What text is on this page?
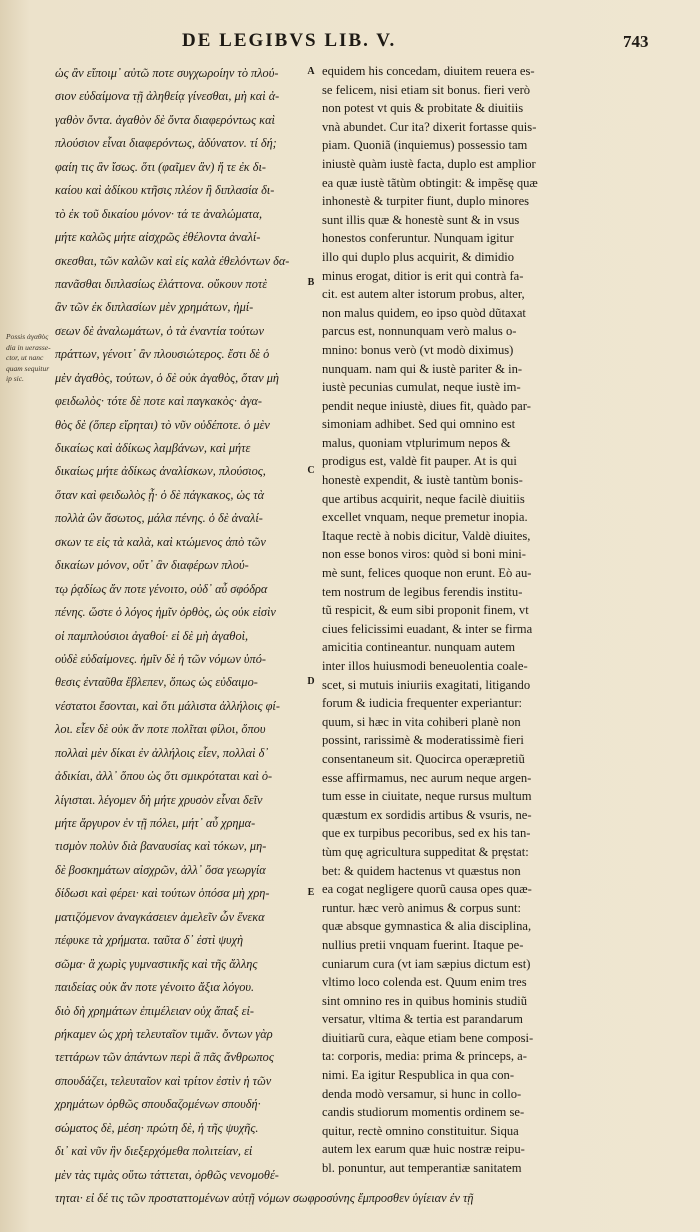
DE LEGIBVS LIB. V.	743
Possis ἀγαθὸς
dia in uerasse-
ctor, ut nanc
quam sequitur
ip sic.
ὡς ἂν εἴποιμ᾽ αὐτῶ ποτε συγχωροίην τὸ πλού-
σιον εὐδαίμονα τῇ ἀληθείᾳ γίνεσθαι, μὴ καὶ ἀ-
γαθὸν ὄντα. ἀγαθὸν δὲ ὄντα διαφερόντως καὶ
πλούσιον εἶναι διαφερόντως, ἀδύνατον. τί δή;
φαίη τις ἂν ἴσως. ὅτι (φαῖμεν ἂν) ἥ τε ἐκ δι-
καίου καὶ ἀδίκου κτῆσις πλέον ἢ διπλασία δι-
τὸ ἐκ τοῦ δικαίου μόνον· τά τε ἀναλώματα,
μήτε καλῶς μήτε αἰσχρῶς ἐθέλοντα ἀναλί-
σκεσθαι, τῶν καλῶν καὶ εἰς καλὰ ἐθελόντων δα-
πανᾶσθαι διπλασίως ἐλάττονα. οὔκουν ποτὲ
ἂν τῶν ἐκ διπλασίων μὲν χρημάτων, ἡμί-
σεων δὲ ἀναλωμάτων, ὁ τὰ ἐναντία τούτων
πράττων, γένοιτ᾽ ἂν πλουσιώτερος. ἔστι δὲ ὁ
μὲν ἀγαθὸς, τούτων, ὁ δὲ οὐκ ἀγαθὸς, ὅταν μὴ
φειδωλὸς· τότε δὲ ποτε καὶ παγκακὸς· ἀγα-
θὸς δὲ (ὅπερ εἴρηται) τὸ νῦν οὐδέποτε. ὁ μὲν
δικαίως καὶ ἀδίκως λαμβάνων, καὶ μήτε
δικαίως μήτε ἀδίκως ἀναλίσκων, πλούσιος,
ὅταν καὶ φειδωλὸς ᾖ· ὁ δὲ πάγκακος, ὡς τὰ
πολλὰ ὢν ἄσωτος, μάλα πένης. ὁ δὲ ἀναλί-
σκων τε εἰς τὰ καλὰ, καὶ κτώμενος ἀπὸ τῶν
δικαίων μόνον, οὔτ᾽ ἂν διαφέρων πλού-
τῳ ῥᾳδίως ἄν ποτε γένοιτο, οὐδ᾽ αὖ σφόδρα
πένης. ὥστε ὁ λόγος ἡμῖν ὀρθὸς, ὡς οὐκ εἰσὶν
οἱ παμπλούσιοι ἀγαθοί· εἰ δὲ μὴ ἀγαθοὶ,
οὐδὲ εὐδαίμονες. ἡμῖν δὲ ἡ τῶν νόμων ὑπό-
θεσις ἐνταῦθα ἔβλεπεν, ὅπως ὡς εὐδαιμο-
νέστατοι ἔσονται, καὶ ὅτι μάλιστα ἀλλήλοις φί-
λοι. εἶεν δὲ οὐκ ἄν ποτε πολῖται φίλοι, ὅπου
πολλαὶ μὲν δίκαι ἐν ἀλλήλοις εἶεν, πολλαὶ δ᾽
ἀδικίαι, ἀλλ᾽ ὅπου ὡς ὅτι σμικρόταται καὶ ὀ-
λίγισται. λέγομεν δὴ μήτε χρυσὸν εἶναι δεῖν
μήτε ἄργυρον ἐν τῇ πόλει, μήτ᾽ αὖ χρημα-
τισμὸν πολὺν διὰ βαναυσίας καὶ τόκων, μη-
δὲ βοσκημάτων αἰσχρῶν, ἀλλ᾽ ὅσα γεωργία
δίδωσι καὶ φέρει· καὶ τούτων ὁπόσα μὴ χρη-
ματιζόμενον ἀναγκάσειεν ἀμελεῖν ὧν ἕνεκα
πέφυκε τὰ χρήματα. ταῦτα δ᾽ ἐστὶ ψυχὴ
σῶμα· ἃ χωρὶς γυμναστικῆς καὶ τῆς ἄλλης
παιδείας οὐκ ἄν ποτε γένοιτο ἄξια λόγου.
διὸ δὴ χρημάτων ἐπιμέλειαν οὐχ ἅπαξ εἰ-
ρήκαμεν ὡς χρὴ τελευταῖον τιμᾶν. ὄντων γὰρ
τεττάρων τῶν ἁπάντων περὶ ἃ πᾶς ἄνθρωπος
σπουδάζει, τελευταῖον καὶ τρίτον ἐστὶν ἡ τῶν
χρημάτων ὀρθῶς σπουδαζομένων σπουδή·
σώματος δὲ, μέση· πρώτη δὲ, ἡ τῆς ψυχῆς.
δι᾽ καὶ νῦν ἣν διεξερχόμεθα πολιτείαν, εἰ
μὲν τὰς τιμὰς οὕτω τάττεται, ὀρθῶς νενομοθέ-
τηται· εἰ δέ τις τῶν προσταττομένων αὐτῇ νόμων σωφροσύνης ἔμπροσθεν ὑγίειαν ἐν τῇ
A
B
C
D
E
equidem his concedam, diuitem reuera es-
se felicem, nisi etiam sit bonus. fieri verò
non potest vt quis & probitate & diuitiis
vnà abundet. Cur ita? dixerit fortasse quis-
piam. Quoniã (inquiemus) possessio tam
iniustè quàm iustè facta, duplo est amplior
ea quæ iustè tãtùm obtingit: & impẽsę quæ
inhonestè & turpiter fiunt, duplo minores
sunt illis quæ & honestè sunt & in vsus
honestos conferuntur. Nunquam igitur
illo qui duplo plus acquirit, & dimidio
minus erogat, ditior is erit qui contrà fa-
cit. est autem alter istorum probus, alter,
non malus quidem, eo ipso quòd dũtaxat
parcus est, nonnunquam verò malus o-
mnino: bonus verò (vt modò diximus)
nunquam. nam qui & iustè pariter & in-
iustè pecunias cumulat, neque iustè im-
pendit neque iniustè, diues fit, quàdo par-
simoniam adhibet. Sed qui omnino est
malus, quoniam vtplurimum nepos &
prodigus est, valdè fit pauper. At is qui
honestè expendit, & iustè tantùm bonis-
que artibus acquirit, neque facilè diuitiis
excellet vnquam, neque premetur inopia.
Itaque rectè à nobis dicitur, Valdè diuites,
non esse bonos viros: quòd si boni mini-
mè sunt, felices quoque non erunt. Eò au-
tem nostrum de legibus ferendis institu-
tũ respicit, & eum sibi proponit finem, vt
ciues felicissimi euadant, & inter se firma
amicitia contineantur. nunquam autem
inter illos huiusmodi beneuolentia coale-
scet, si mutuis iniuriis exagitati, litigando
forum & iudicia frequenter experiantur:
quum, si hæc in vita cohiberi planè non
possint, rarissimè & moderatissimè fieri
consentaneum sit. Quocirca operæpretiũ
esse affirmamus, nec aurum neque argen-
tum esse in ciuitate, neque rursus multum
quæstum ex sordidis artibus & vsuris, ne-
que ex turpibus pecoribus, sed ex his tan-
tùm quę agricultura suppeditat & pręstat:
bet: & quidem hactenus vt quæstus non
ea cogat negligere quorũ causa opes quæ-
runtur. hæc verò animus & corpus sunt:
quæ absque gymnastica & alia disciplina,
nullius pretii vnquam fuerint. Itaque pe-
cuniarum cura (vt iam sæpius dictum est)
vltimo loco colenda est. Quum enim tres
sint omnino res in quibus hominis studiũ
versatur, vltima & tertia est parandarum
diuitiarũ cura, eàque etiam bene composi-
ta: corporis, media: prima & princeps, a-
nimi. Ea igitur Respublica in qua con-
denda modò versamur, si hunc in collo-
candis studiorum momentis ordinem se-
quitur, rectè omnino constituitur. Siqua
autem lex earum quæ huic nostræ reipu-
bl. ponuntur, aut temperantiæ sanitatem
